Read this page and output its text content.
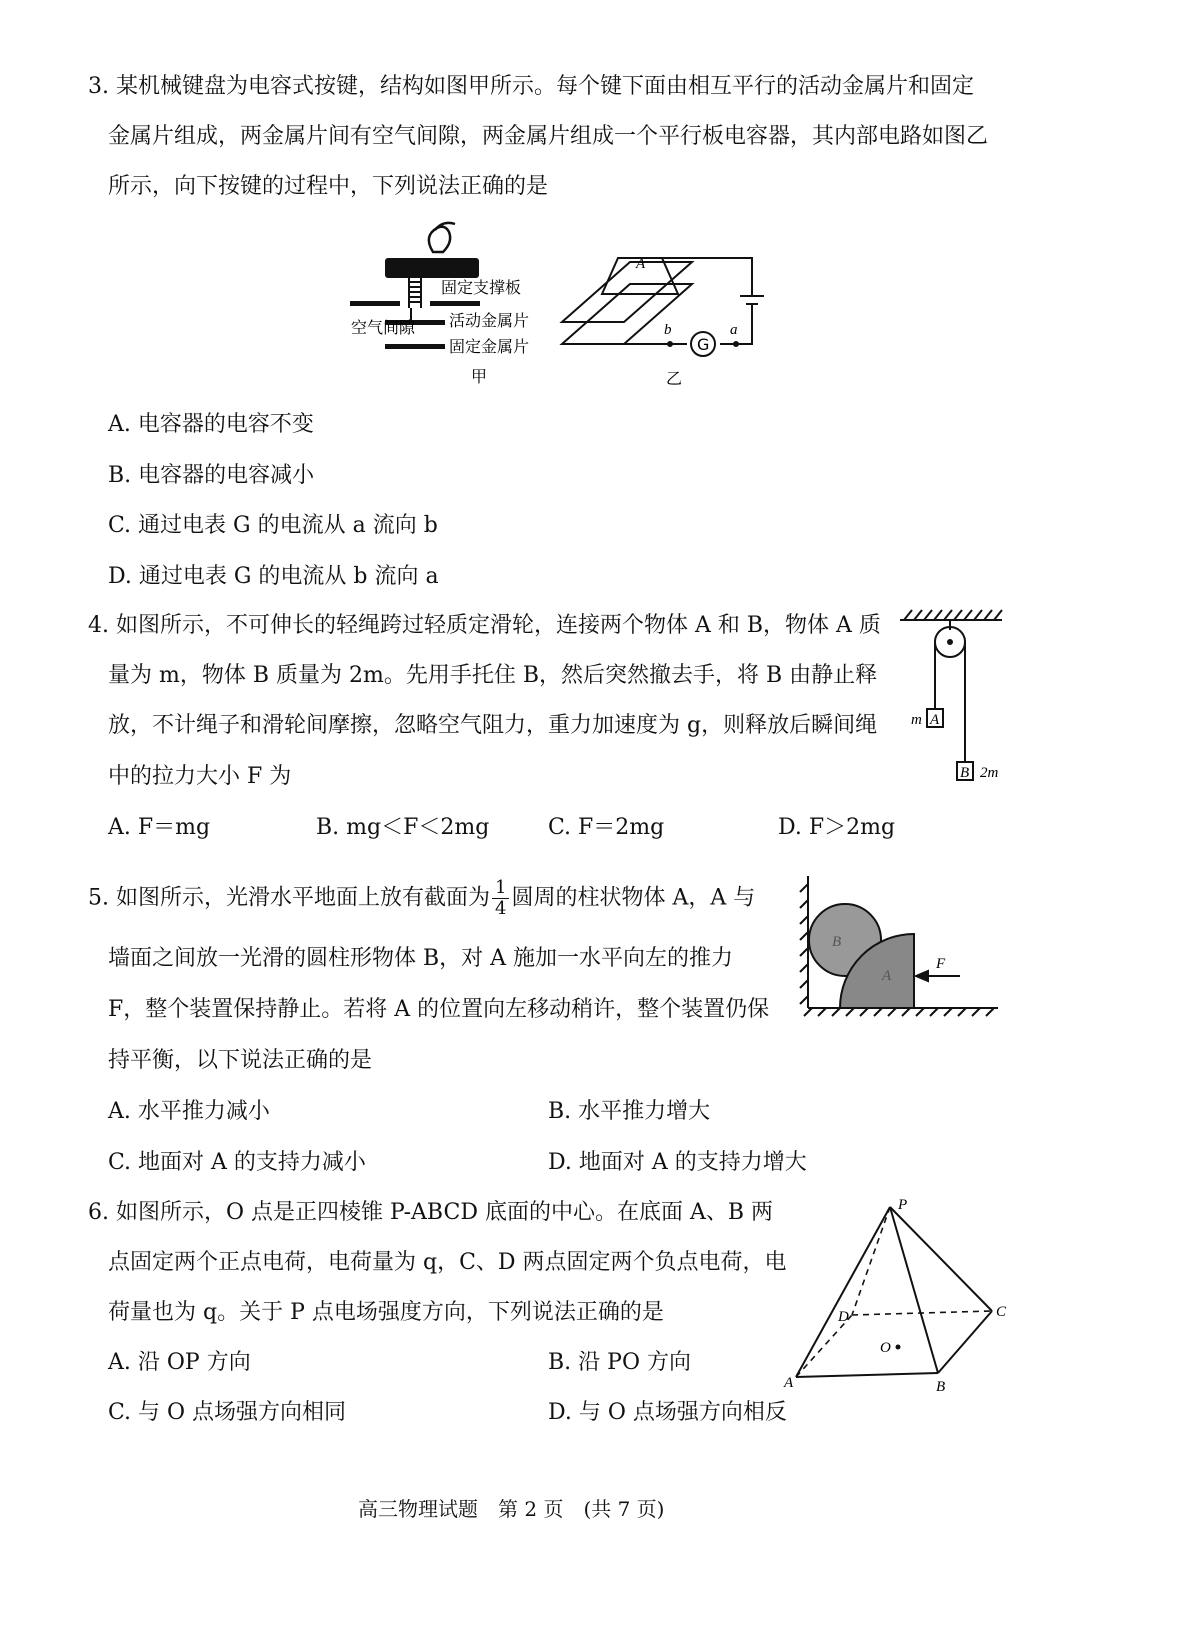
3. 某机械键盘为电容式按键，结构如图甲所示。每个键下面由相互平行的活动金属片和固定
金属片组成，两金属片间有空气间隙，两金属片组成一个平行板电容器，其内部电路如图乙
所示，向下按键的过程中，下列说法正确的是
固定支撑板
空气间隙 活动金属片
固定金属片
甲
A
b	a
G
乙
A. 电容器的电容不变
B. 电容器的电容减小
C. 通过电表 G 的电流从 a 流向 b
D. 通过电表 G 的电流从 b 流向 a
4. 如图所示，不可伸长的轻绳跨过轻质定滑轮，连接两个物体 A 和 B，物体 A 质
量为 m，物体 B 质量为 2m。先用手托住 B，然后突然撤去手，将 B 由静止释
放，不计绳子和滑轮间摩擦，忽略空气阻力，重力加速度为 g，则释放后瞬间绳
中的拉力大小 F 为
A. F＝mg	B. mg＜F＜2mg	C. F＝2mg	D. F＞2mg
m A
B 2m
5. 如图所示，光滑水平地面上放有截面为 $\frac{1}{4}$ 圆周的柱状物体 A，A 与
墙面之间放一光滑的圆柱形物体 B，对 A 施加一水平向左的推力
F，整个装置保持静止。若将 A 的位置向左移动稍许，整个装置仍保
持平衡，以下说法正确的是
A. 水平推力减小	B. 水平推力增大
C. 地面对 A 的支持力减小	D. 地面对 A 的支持力增大
B
A
F
6. 如图所示，O 点是正四棱锥 P-ABCD 底面的中心。在底面 A、B 两
点固定两个正点电荷，电荷量为 q，C、D 两点固定两个负点电荷，电
荷量也为 q。关于 P 点电场强度方向，下列说法正确的是
A. 沿 OP 方向	B. 沿 PO 方向
C. 与 O 点场强方向相同	D. 与 O 点场强方向相反
P
A	B
C
D
O
高三物理试题　第 2 页　(共 7 页)
